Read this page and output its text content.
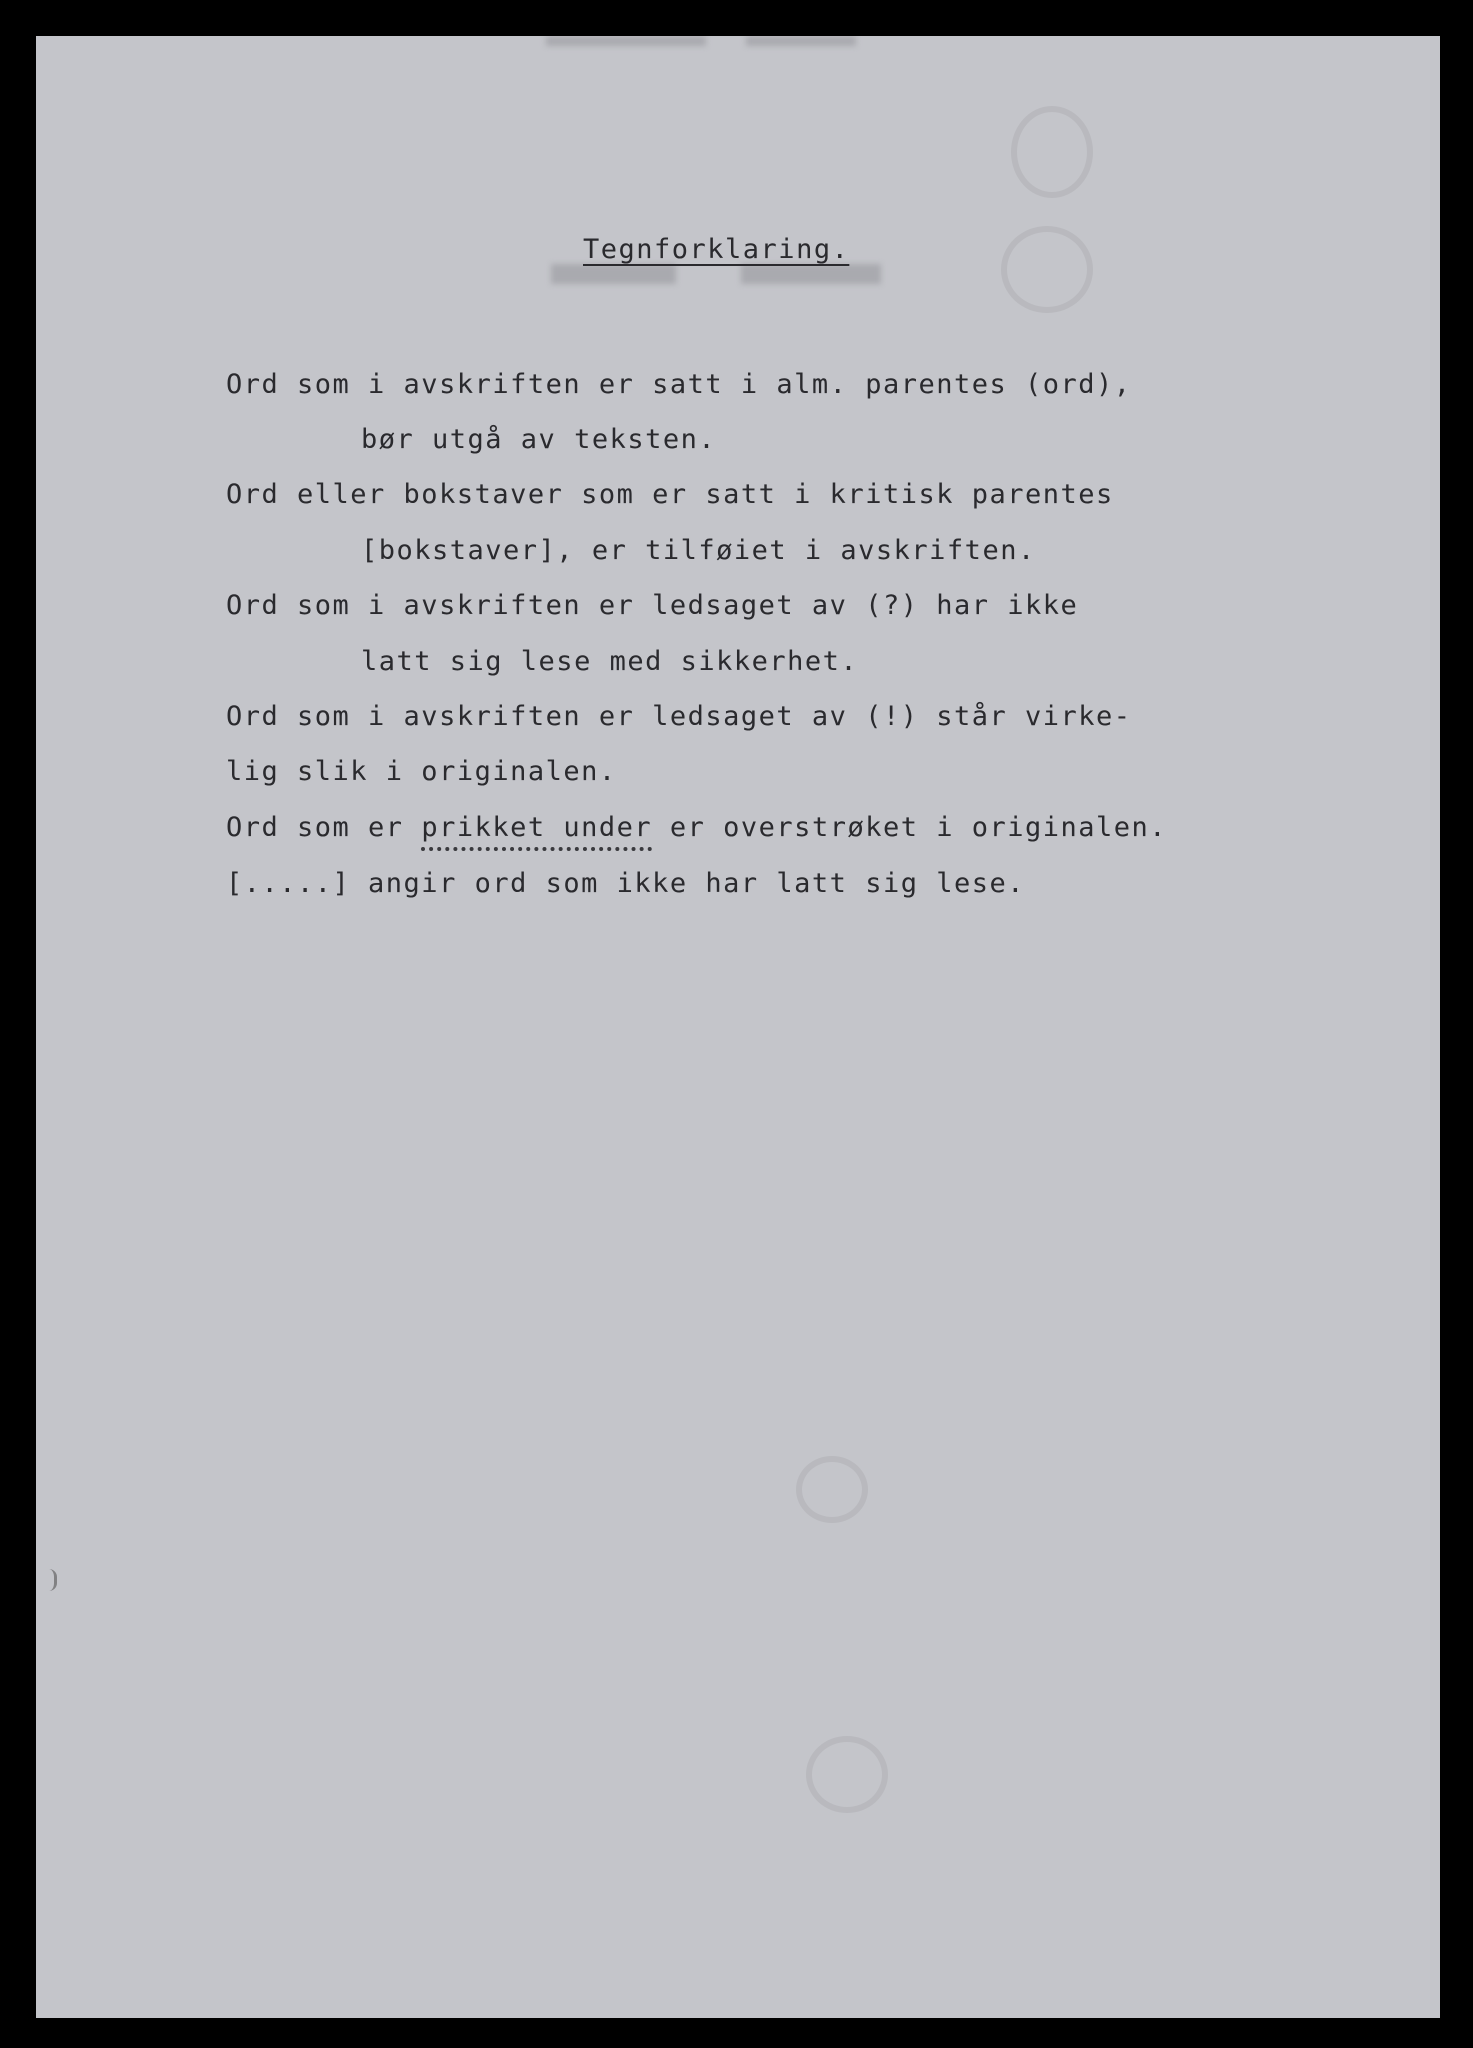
Tegnforklaring.
Ord som i avskriften er satt i alm. parentes (ord),
bør utgå av teksten.
Ord eller bokstaver som er satt i kritisk parentes
[bokstaver], er tilføiet i avskriften.
Ord som i avskriften er ledsaget av (?) har ikke
latt sig lese med sikkerhet.
Ord som i avskriften er ledsaget av (!) står virke-
lig slik i originalen.
Ord som er prikket under er overstrøket i originalen.
[.....] angir ord som ikke har latt sig lese.
